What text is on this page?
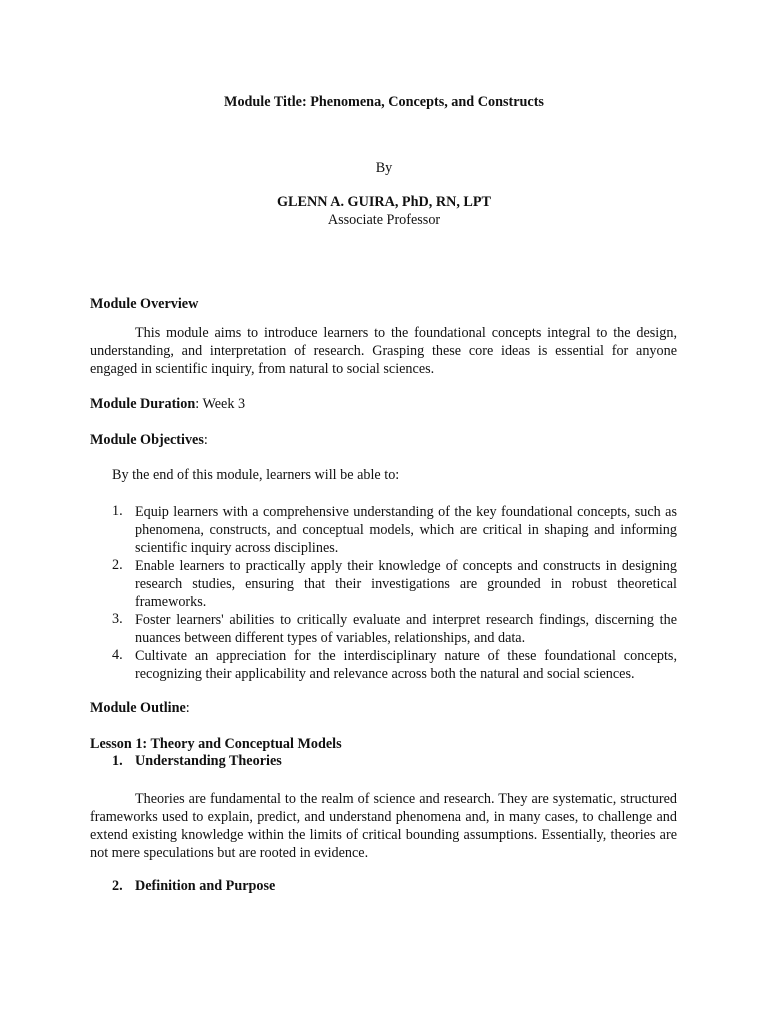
Module Title: Phenomena, Concepts, and Constructs

By

GLENN A. GUIRA, PhD, RN, LPT

Associate Professor

Module Overview

This module aims to introduce learners to the foundational concepts integral to the design, understanding, and interpretation of research. Grasping these core ideas is essential for anyone engaged in scientific inquiry, from natural to social sciences.

Module Duration: Week 3

Module Objectives:

By the end of this module, learners will be able to:

1. Equip learners with a comprehensive understanding of the key foundational concepts, such as phenomena, constructs, and conceptual models, which are critical in shaping and informing scientific inquiry across disciplines.

2. Enable learners to practically apply their knowledge of concepts and constructs in designing research studies, ensuring that their investigations are grounded in robust theoretical frameworks.

3. Foster learners' abilities to critically evaluate and interpret research findings, discerning the nuances between different types of variables, relationships, and data.

4. Cultivate an appreciation for the interdisciplinary nature of these foundational concepts, recognizing their applicability and relevance across both the natural and social sciences.

Module Outline:

Lesson 1: Theory and Conceptual Models

1. Understanding Theories

Theories are fundamental to the realm of science and research. They are systematic, structured frameworks used to explain, predict, and understand phenomena and, in many cases, to challenge and extend existing knowledge within the limits of critical bounding assumptions. Essentially, theories are not mere speculations but are rooted in evidence.

2. Definition and Purpose
